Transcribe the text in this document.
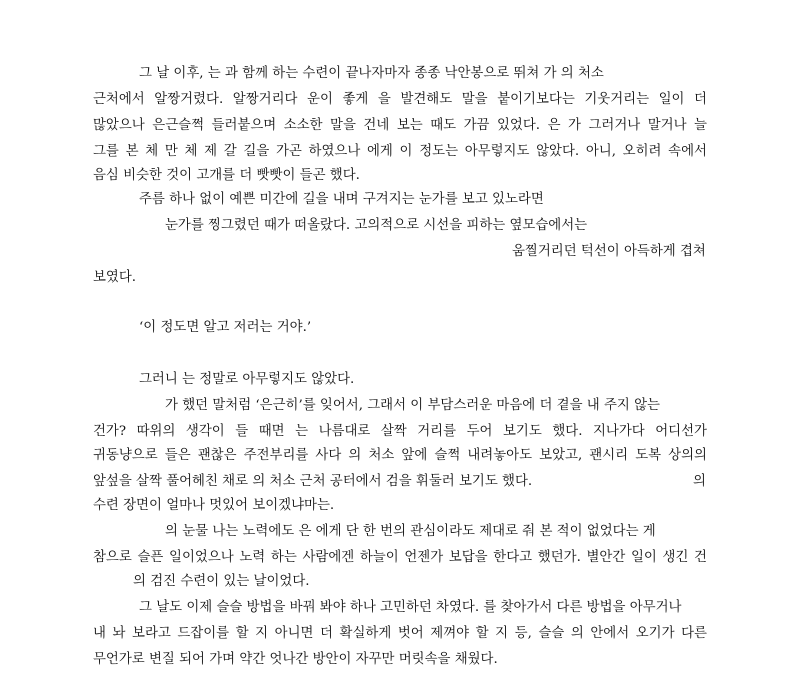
그 날 이후, 는 과 함께 하는 수련이 끝나자마자 종종 낙안봉으로 뛰쳐 가 의 처소
근처에서 알짱거렸다. 알짱거리다 운이 좋게 을 발견해도 말을 붙이기보다는 기웃거리는 일이 더
많았으나 은근슬쩍 들러붙으며 소소한 말을 건네 보는 때도 가끔 있었다. 은 가 그러거나 말거나 늘
그를 본 체 만 체 제 갈 길을 가곤 하였으나 에게 이 정도는 아무렇지도 않았다. 아니, 오히려 속에서
음심 비슷한 것이 고개를 더 빳빳이 들곤 했다.
주름 하나 없이 예쁜 미간에 길을 내며 구겨지는 눈가를 보고 있노라면
눈가를 찡그렸던 때가 떠올랐다. 고의적으로 시선을 피하는 옆모습에서는
움찔거리던 턱선이 아득하게 겹쳐
보였다.
‘이 정도면 알고 저러는 거야.’
그러니 는 정말로 아무렇지도 않았다.
가 했던 말처럼 ‘은근히’를 잊어서, 그래서 이 부담스러운 마음에 더 곁을 내 주지 않는
건가? 따위의 생각이 들 때면 는 나름대로 살짝 거리를 두어 보기도 했다. 지나가다 어디선가
귀동냥으로 들은 괜찮은 주전부리를 사다 의 처소 앞에 슬쩍 내려놓아도 보았고, 괜시리 도복 상의의
앞섶을 살짝 풀어헤친 채로 의 처소 근처 공터에서 검을 휘둘러 보기도 했다.	의
수련 장면이 얼마나 멋있어 보이겠냐마는.
의 눈물 나는 노력에도 은 에게 단 한 번의 관심이라도 제대로 줘 본 적이 없었다는 게
참으로 슬픈 일이었으나 노력 하는 사람에겐 하늘이 언젠가 보답을 한다고 했던가. 별안간 일이 생긴 건
의 검진 수련이 있는 날이었다.
그 날도 이제 슬슬 방법을 바꿔 봐야 하나 고민하던 차였다. 를 찾아가서 다른 방법을 아무거나
내 놔 보라고 드잡이를 할 지 아니면 더 확실하게 벗어 제껴야 할 지 등, 슬슬 의 안에서 오기가 다른
무언가로 변질 되어 가며 약간 엇나간 방안이 자꾸만 머릿속을 채웠다.
